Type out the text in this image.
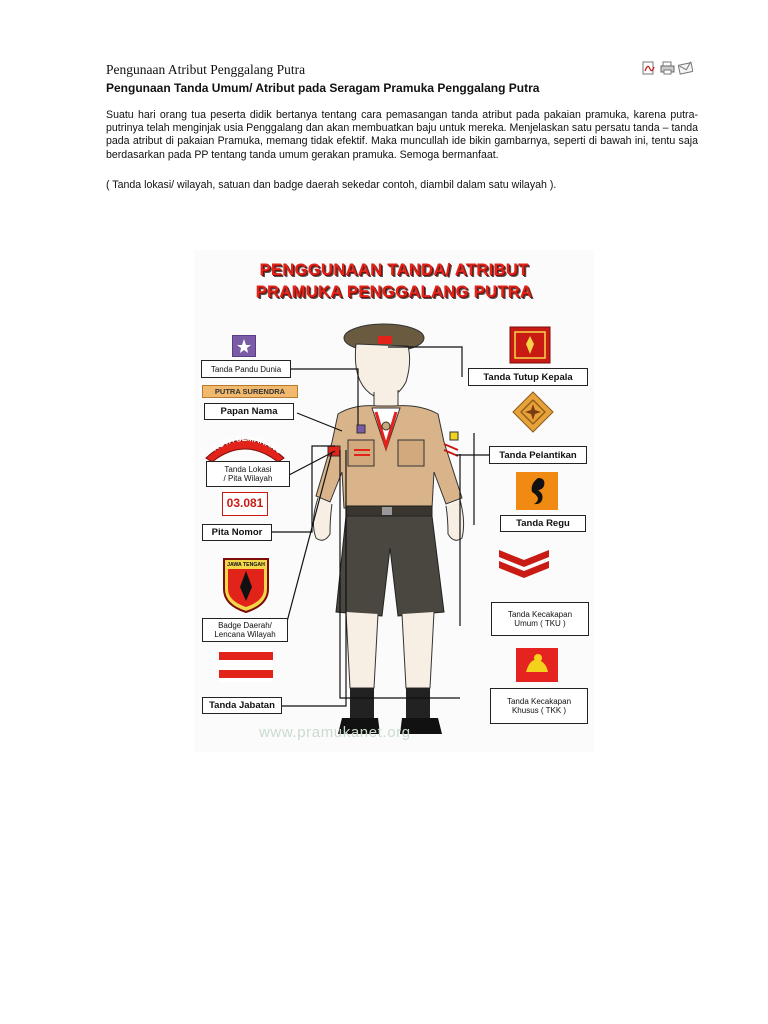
Pengunaan Atribut Penggalang Putra
Pengunaan Tanda Umum/ Atribut pada Seragam Pramuka Penggalang Putra
Suatu hari orang tua peserta didik bertanya tentang cara pemasangan tanda atribut pada pakaian pramuka, karena putra-putrinya telah menginjak usia Penggalang dan akan membuatkan baju untuk mereka. Menjelaskan satu persatu tanda – tanda pada atribut di pakaian Pramuka, memang tidak efektif. Maka muncullah ide bikin gambarnya, seperti di bawah ini, tentu saja berdasarkan pada PP tentang tanda umum gerakan pramuka. Semoga bermanfaat.
( Tanda lokasi/ wilayah, satuan dan badge daerah sekedar contoh, diambil dalam satu wilayah ).
PENGGUNAAN TANDA/ ATRIBUT
PRAMUKA PENGGALANG PUTRA
Tanda Pandu Dunia
PUTRA SURENDRA
Papan Nama
KOTA SEMARANG
Tanda Lokasi
/ Pita Wilayah
03.081
Pita Nomor
JAWA TENGAH
Badge Daerah/
Lencana Wilayah
Tanda Jabatan
Tanda Tutup Kepala
Tanda Pelantikan
Tanda Regu
Tanda Kecakapan
Umum ( TKU )
Tanda Kecakapan
Khusus ( TKK )
www.pramukanet.org
